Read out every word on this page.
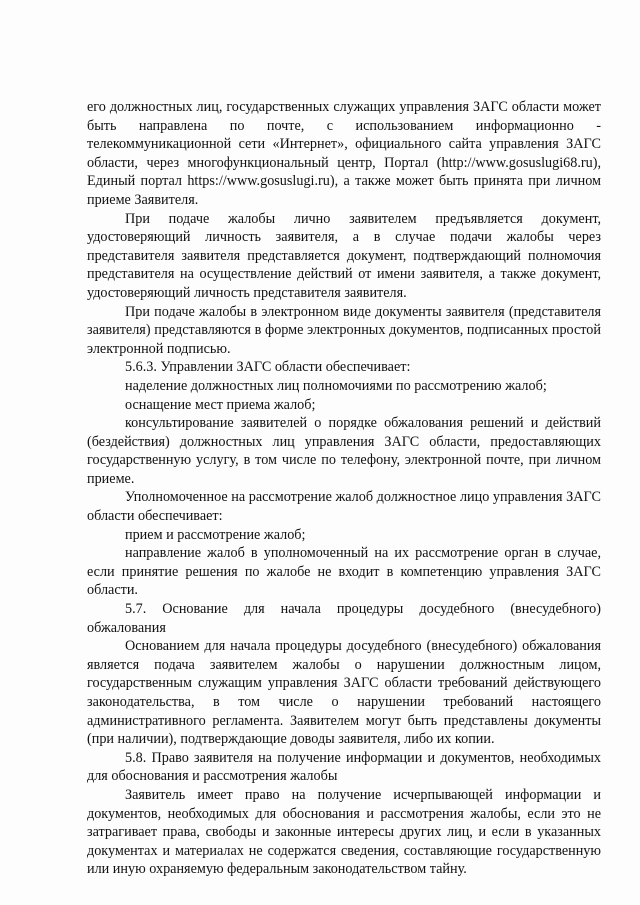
его должностных лиц, государственных служащих управления ЗАГС области может быть направлена по почте, с использованием информационно - телекоммуникационной сети «Интернет», официального сайта управления ЗАГС области, через многофункциональный центр, Портал (http://www.gosuslugi68.ru), Единый портал https://www.gosuslugi.ru), а также может быть принята при личном приеме Заявителя.

При подаче жалобы лично заявителем предъявляется документ, удостоверяющий личность заявителя, а в случае подачи жалобы через представителя заявителя представляется документ, подтверждающий полномочия представителя на осуществление действий от имени заявителя, а также документ, удостоверяющий личность представителя заявителя.

При подаче жалобы в электронном виде документы заявителя (представителя заявителя) представляются в форме электронных документов, подписанных простой электронной подписью.

5.6.3. Управлении ЗАГС области обеспечивает:

наделение должностных лиц полномочиями по рассмотрению жалоб;

оснащение мест приема жалоб;

консультирование заявителей о порядке обжалования решений и действий (бездействия) должностных лиц управления ЗАГС области, предоставляющих государственную услугу, в том числе по телефону, электронной почте, при личном приеме.

Уполномоченное на рассмотрение жалоб должностное лицо управления ЗАГС области обеспечивает:

прием и рассмотрение жалоб;

направление жалоб в уполномоченный на их рассмотрение орган в случае, если принятие решения по жалобе не входит в компетенцию управления ЗАГС области.

5.7. Основание для начала процедуры досудебного (внесудебного) обжалования

Основанием для начала процедуры досудебного (внесудебного) обжалования является подача заявителем жалобы о нарушении должностным лицом, государственным служащим управления ЗАГС области требований действующего законодательства, в том числе о нарушении требований настоящего административного регламента. Заявителем могут быть представлены документы (при наличии), подтверждающие доводы заявителя, либо их копии.

5.8. Право заявителя на получение информации и документов, необходимых для обоснования и рассмотрения жалобы

Заявитель имеет право на получение исчерпывающей информации и документов, необходимых для обоснования и рассмотрения жалобы, если это не затрагивает права, свободы и законные интересы других лиц, и если в указанных документах и материалах не содержатся сведения, составляющие государственную или иную охраняемую федеральным законодательством тайну.
